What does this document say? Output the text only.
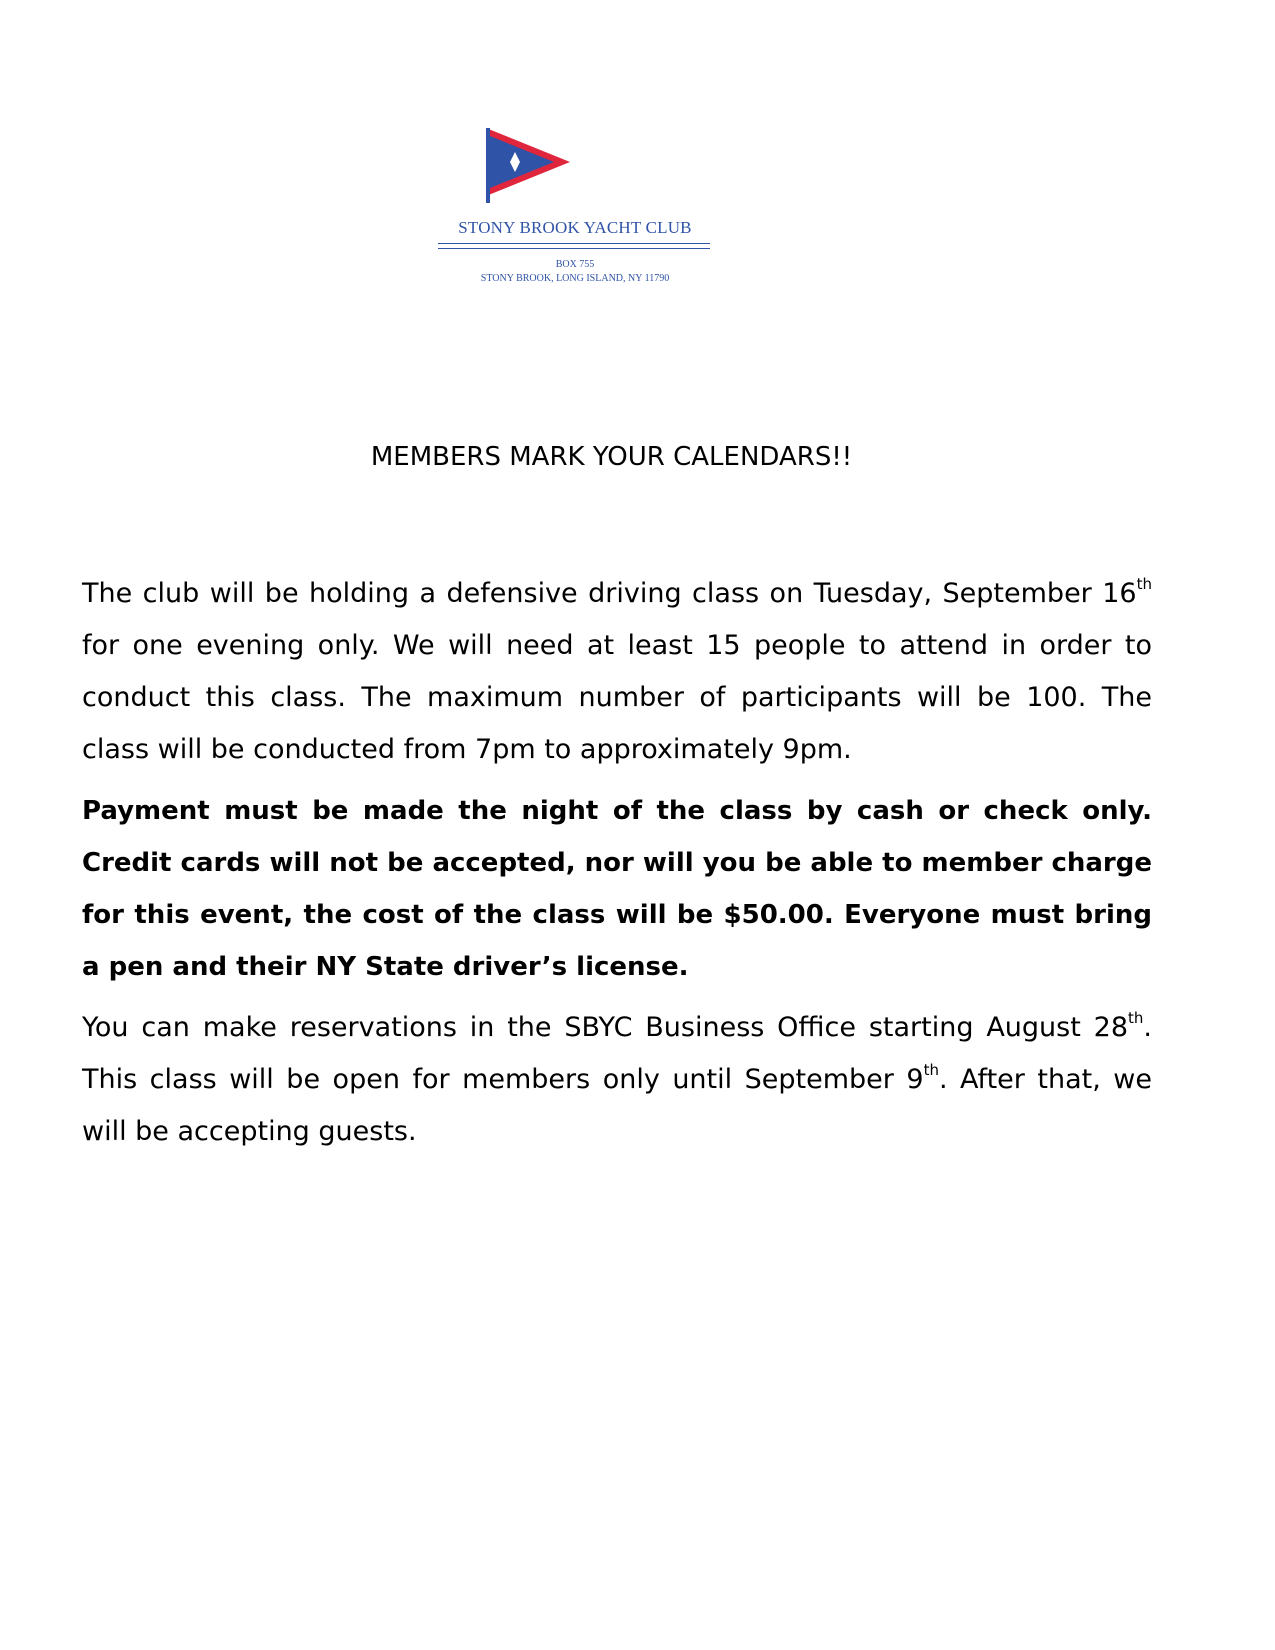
STONY BROOK YACHT CLUB
BOX 755
STONY BROOK, LONG ISLAND, NY 11790
MEMBERS MARK YOUR CALENDARS!!

The club will be holding a defensive driving class on Tuesday, September 16th for one evening only. We will need at least 15 people to attend in order to conduct this class. The maximum number of participants will be 100. The class will be conducted from 7pm to approximately 9pm.

Payment must be made the night of the class by cash or check only. Credit cards will not be accepted, nor will you be able to member charge for this event, the cost of the class will be $50.00. Everyone must bring a pen and their NY State driver’s license.

You can make reservations in the SBYC Business Office starting August 28th. This class will be open for members only until September 9th. After that, we will be accepting guests.
